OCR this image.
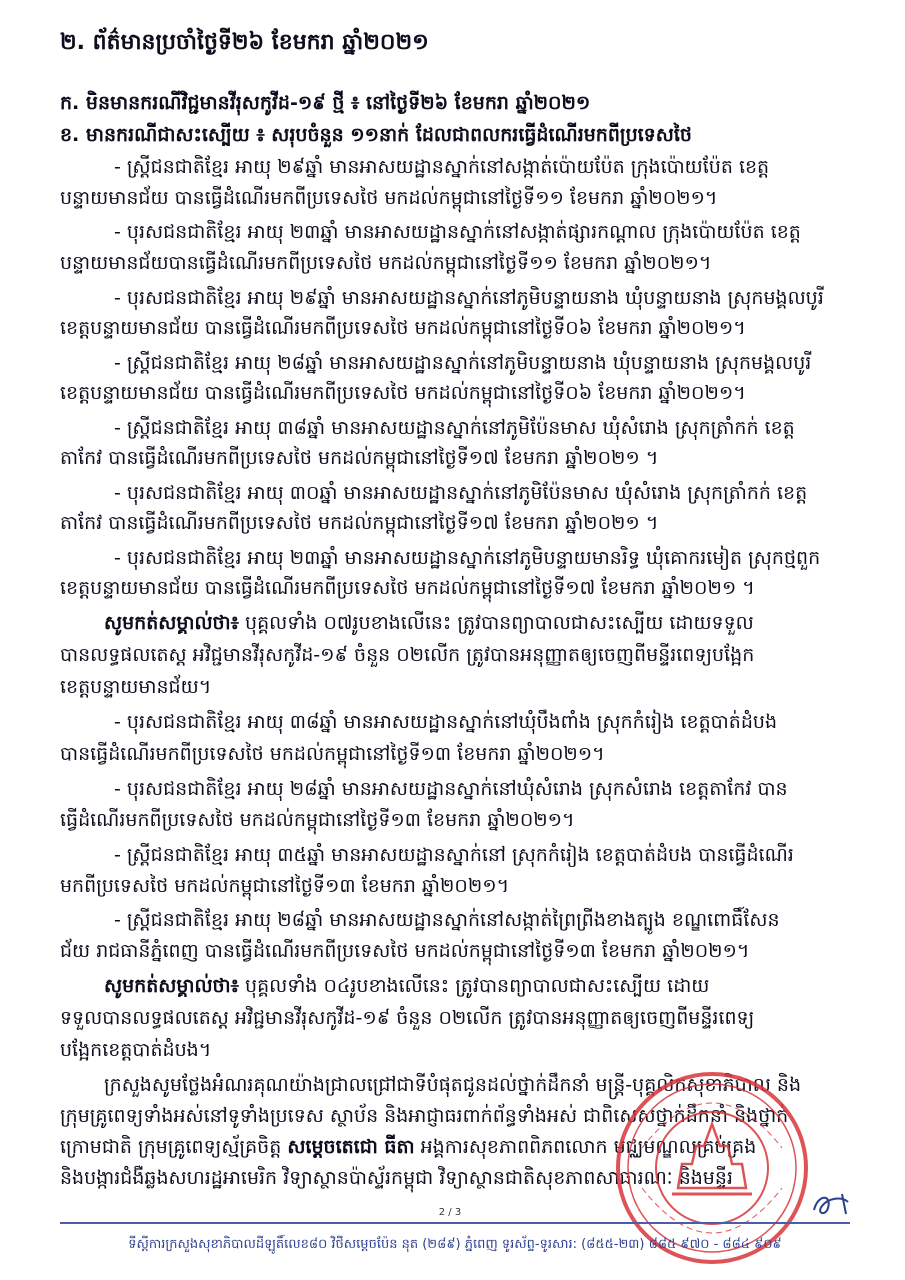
២. ព័ត៌មានប្រចាំថ្ងៃទី២៦ ខែមករា ឆ្នាំ២០២១
ក. មិនមានករណីវិជ្ជមានវីរុសកូវីដ-១៩ ថ្មី ៖ នៅថ្ងៃទី២៦ ខែមករា ឆ្នាំ២០២១
ខ. មានករណីជាសះស្បើយ ៖ សរុបចំនួន ១១នាក់ ដែលជាពលករធ្វើដំណើរមកពីប្រទេសថៃ
- ស្ត្រីជនជាតិខ្មែរ អាយុ ២៩ឆ្នាំ មានអាសយដ្ឋានស្នាក់នៅសង្កាត់ប៉ោយប៉ែត ក្រុងប៉ោយប៉ែត ខេត្ត
បន្ទាយមានជ័យ បានធ្វើដំណើរមកពីប្រទេសថៃ មកដល់កម្ពុជានៅថ្ងៃទី១១ ខែមករា ឆ្នាំ២០២១។
- បុរសជនជាតិខ្មែរ អាយុ ២៣ឆ្នាំ មានអាសយដ្ឋានស្នាក់នៅសង្កាត់ផ្សារកណ្តាល ក្រុងប៉ោយប៉ែត ខេត្ត
បន្ទាយមានជ័យបានធ្វើដំណើរមកពីប្រទេសថៃ មកដល់កម្ពុជានៅថ្ងៃទី១១ ខែមករា ឆ្នាំ២០២១។
- បុរសជនជាតិខ្មែរ អាយុ ២៩ឆ្នាំ មានអាសយដ្ឋានស្នាក់នៅភូមិបន្ទាយនាង ឃុំបន្ទាយនាង ស្រុកមង្គលបូរី
ខេត្តបន្ទាយមានជ័យ បានធ្វើដំណើរមកពីប្រទេសថៃ មកដល់កម្ពុជានៅថ្ងៃទី០៦ ខែមករា ឆ្នាំ២០២១។
- ស្ត្រីជនជាតិខ្មែរ អាយុ ២៨ឆ្នាំ មានអាសយដ្ឋានស្នាក់នៅភូមិបន្ទាយនាង ឃុំបន្ទាយនាង ស្រុកមង្គលបូរី
ខេត្តបន្ទាយមានជ័យ បានធ្វើដំណើរមកពីប្រទេសថៃ មកដល់កម្ពុជានៅថ្ងៃទី០៦ ខែមករា ឆ្នាំ២០២១។
- ស្ត្រីជនជាតិខ្មែរ អាយុ ៣៨ឆ្នាំ មានអាសយដ្ឋានស្នាក់នៅភូមិប៉ែនមាស ឃុំសំរោង ស្រុកត្រាំកក់ ខេត្ត
តាកែវ បានធ្វើដំណើរមកពីប្រទេសថៃ មកដល់កម្ពុជានៅថ្ងៃទី១៧ ខែមករា ឆ្នាំ២០២១ ។
- បុរសជនជាតិខ្មែរ អាយុ ៣០ឆ្នាំ មានអាសយដ្ឋានស្នាក់នៅភូមិប៉ែនមាស ឃុំសំរោង ស្រុកត្រាំកក់ ខេត្ត
តាកែវ បានធ្វើដំណើរមកពីប្រទេសថៃ មកដល់កម្ពុជានៅថ្ងៃទី១៧ ខែមករា ឆ្នាំ២០២១ ។
- បុរសជនជាតិខ្មែរ អាយុ ២៣ឆ្នាំ មានអាសយដ្ឋានស្នាក់នៅភូមិបន្ទាយមានរិទ្ធ ឃុំគោករមៀត ស្រុកថ្មពួក
ខេត្តបន្ទាយមានជ័យ បានធ្វើដំណើរមកពីប្រទេសថៃ មកដល់កម្ពុជានៅថ្ងៃទី១៧ ខែមករា ឆ្នាំ២០២១ ។
សូមកត់សម្គាល់ថា៖ បុគ្គលទាំង ០៧រូបខាងលើនេះ ត្រូវបានព្យាបាលជាសះស្បើយ ដោយទទួល
បានលទ្ធផលតេស្ត អវិជ្ជមានវីរុសកូវីដ-១៩ ចំនួន ០២លើក ត្រូវបានអនុញ្ញាតឲ្យចេញពីមន្ទីរពេទ្យបង្អែក
ខេត្តបន្ទាយមានជ័យ។
- បុរសជនជាតិខ្មែរ អាយុ ៣៨ឆ្នាំ មានអាសយដ្ឋានស្នាក់នៅឃុំបឹងពាំង ស្រុកកំរៀង ខេត្តបាត់ដំបង
បានធ្វើដំណើរមកពីប្រទេសថៃ មកដល់កម្ពុជានៅថ្ងៃទី១៣ ខែមករា ឆ្នាំ២០២១។
- បុរសជនជាតិខ្មែរ អាយុ ២៨ឆ្នាំ មានអាសយដ្ឋានស្នាក់នៅឃុំសំរោង ស្រុកសំរោង ខេត្តតាកែវ បាន
ធ្វើដំណើរមកពីប្រទេសថៃ មកដល់កម្ពុជានៅថ្ងៃទី១៣ ខែមករា ឆ្នាំ២០២១។
- ស្ត្រីជនជាតិខ្មែរ អាយុ ៣៥ឆ្នាំ មានអាសយដ្ឋានស្នាក់នៅ ស្រុកកំរៀង ខេត្តបាត់ដំបង បានធ្វើដំណើរ
មកពីប្រទេសថៃ មកដល់កម្ពុជានៅថ្ងៃទី១៣ ខែមករា ឆ្នាំ២០២១។
- ស្ត្រីជនជាតិខ្មែរ អាយុ ២៨ឆ្នាំ មានអាសយដ្ឋានស្នាក់នៅសង្កាត់ព្រៃព្រីងខាងត្បូង ខណ្ឌពោធិ៍សែន
ជ័យ រាជធានីភ្នំពេញ បានធ្វើដំណើរមកពីប្រទេសថៃ មកដល់កម្ពុជានៅថ្ងៃទី១៣ ខែមករា ឆ្នាំ២០២១។
សូមកត់សម្គាល់ថា៖ បុគ្គលទាំង ០៤រូបខាងលើនេះ ត្រូវបានព្យាបាលជាសះស្បើយ ដោយ
ទទួលបានលទ្ធផលតេស្ត អវិជ្ជមានវីរុសកូវីដ-១៩ ចំនួន ០២លើក ត្រូវបានអនុញ្ញាតឲ្យចេញពីមន្ទីរពេទ្យ
បង្អែកខេត្តបាត់ដំបង។
ក្រសួងសូមថ្លែងអំណរគុណយ៉ាងជ្រាលជ្រៅជាទីបំផុតជូនដល់ថ្នាក់ដឹកនាំ មន្ត្រី-បុគ្គលិកសុខាភិបាល និង
ក្រុមគ្រូពេទ្យទាំងអស់នៅទូទាំងប្រទេស ស្ថាប័ន និងអាជ្ញាធរពាក់ព័ន្ធទាំងអស់ ជាពិសេសថ្នាក់ដឹកនាំ និងថ្នាក់
ក្រោមជាតិ ក្រុមគ្រូពេទ្យស្ម័គ្រចិត្ត សម្ដេចតេជោ ធីតា អង្គការសុខភាពពិភពលោក មជ្ឈមណ្ឌលគ្រប់គ្រង
និងបង្ការជំងឺឆ្លងសហរដ្ឋអាមេរិក វិទ្យាស្ថានប៉ាស្ទ័រកម្ពុជា វិទ្យាស្ថានជាតិសុខភាពសាធារណៈ និងមន្ទីរ
2 / 3
ទីស្តីការក្រសួងសុខាភិបាលដីឡូតិ៍លេខ៨០ វិថីសម្តេចប៉ែន នុត (២៨៩) ភ្នំពេញ ទូរស័ព្ទ-ទូរសារ: (៨៥៥-២៣) ៨៨៥ ៩៧០ - ៨៨៤ ៩០៩
